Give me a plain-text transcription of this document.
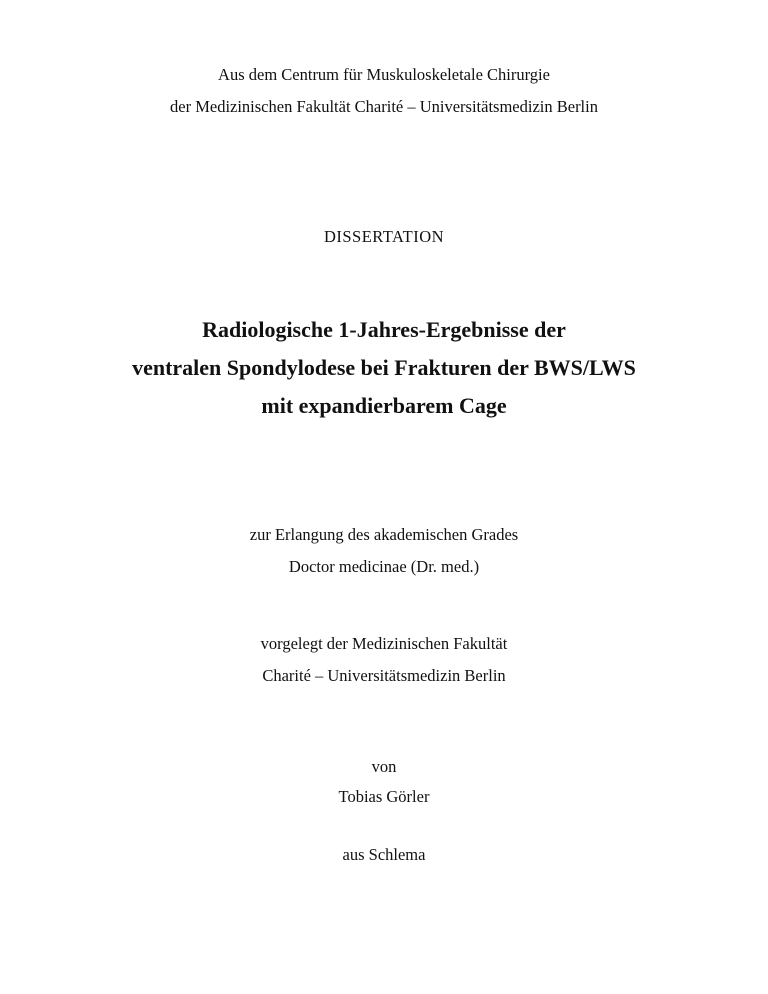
Aus dem Centrum für Muskuloskeletale Chirurgie

der Medizinischen Fakultät Charité – Universitätsmedizin Berlin

DISSERTATION

Radiologische 1-Jahres-Ergebnisse der

ventralen Spondylodese bei Frakturen der BWS/LWS

mit expandierbarem Cage

zur Erlangung des akademischen Grades

Doctor medicinae (Dr. med.)

vorgelegt der Medizinischen Fakultät

Charité – Universitätsmedizin Berlin

von

Tobias Görler

aus Schlema
